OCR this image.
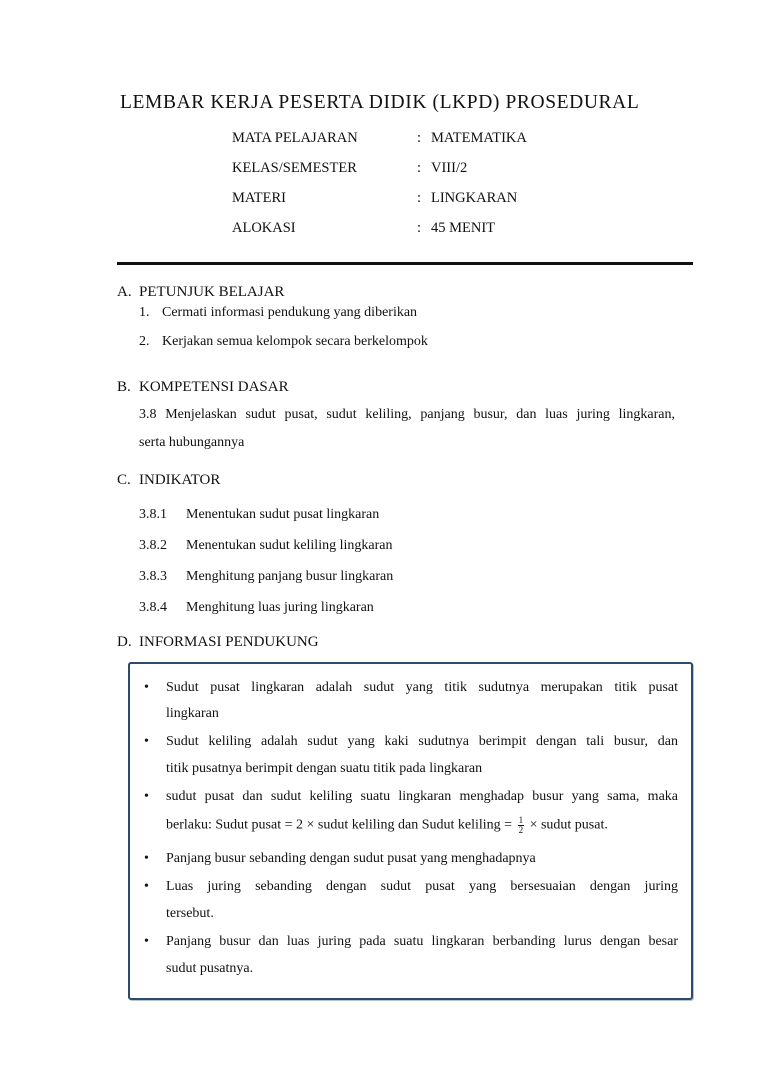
LEMBAR KERJA PESERTA DIDIK (LKPD) PROSEDURAL
MATA PELAJARAN	: MATEMATIKA
KELAS/SEMESTER	: VIII/2
MATERI	: LINGKARAN
ALOKASI	: 45 MENIT
A. PETUNJUK BELAJAR
1. Cermati informasi pendukung yang diberikan
2. Kerjakan semua kelompok secara berkelompok
B. KOMPETENSI DASAR
3.8 Menjelaskan sudut pusat, sudut keliling, panjang busur, dan luas juring lingkaran,
serta hubungannya
C. INDIKATOR
3.8.1 Menentukan sudut pusat lingkaran
3.8.2 Menentukan sudut keliling lingkaran
3.8.3 Menghitung panjang busur lingkaran
3.8.4 Menghitung luas juring lingkaran
D. INFORMASI PENDUKUNG
• Sudut pusat lingkaran adalah sudut yang titik sudutnya merupakan titik pusat
lingkaran
• Sudut keliling adalah sudut yang kaki sudutnya berimpit dengan tali busur, dan
titik pusatnya berimpit dengan suatu titik pada lingkaran
• sudut pusat dan sudut keliling suatu lingkaran menghadap busur yang sama, maka
berlaku: Sudut pusat = 2 × sudut keliling dan Sudut keliling = $\frac{1}{2}$ × sudut pusat.
• Panjang busur sebanding dengan sudut pusat yang menghadapnya
• Luas juring sebanding dengan sudut pusat yang bersesuaian dengan juring
tersebut.
• Panjang busur dan luas juring pada suatu lingkaran berbanding lurus dengan besar
sudut pusatnya.
